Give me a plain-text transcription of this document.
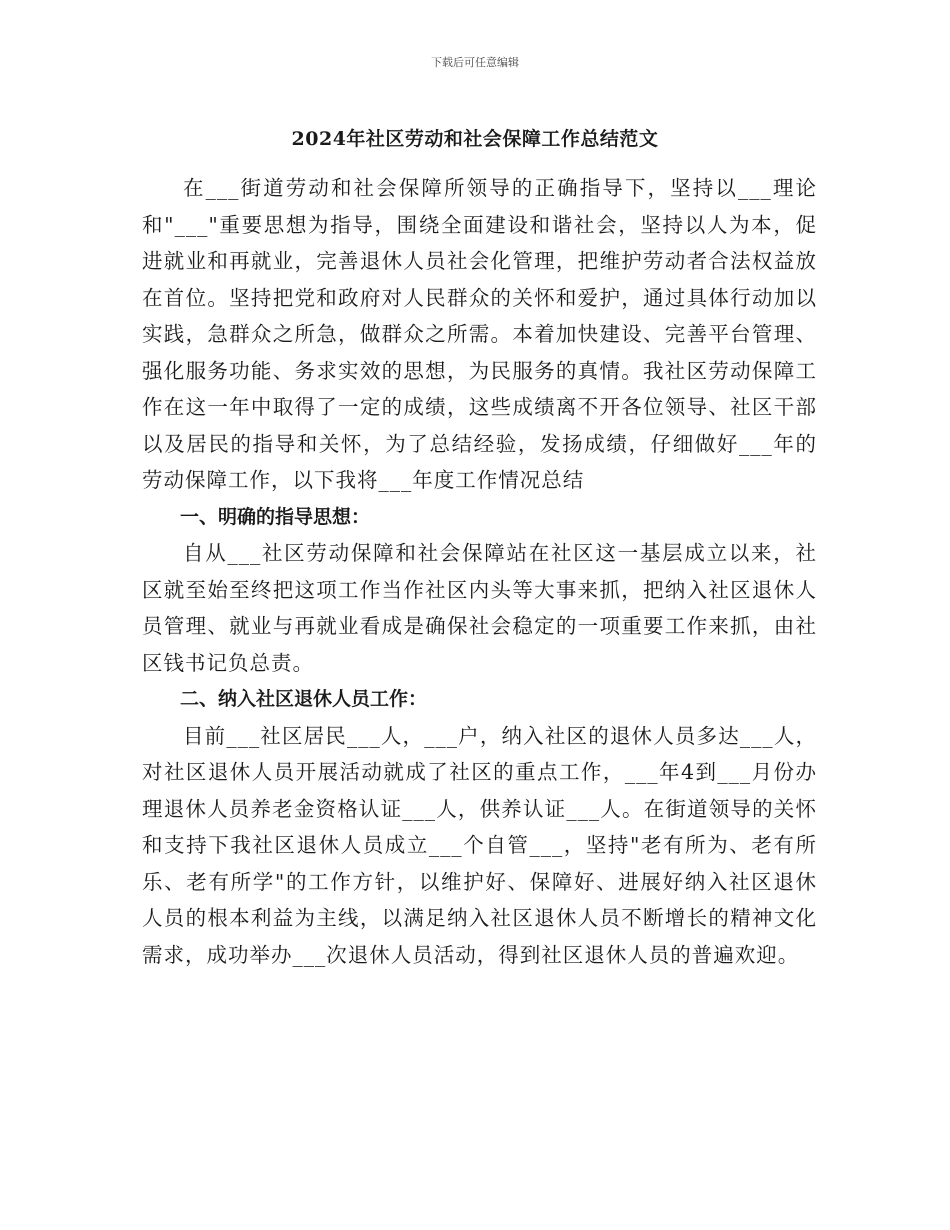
下载后可任意编辑
2024年社区劳动和社会保障工作总结范文

在___街道劳动和社会保障所领导的正确指导下，坚持以___理论和"___"重要思想为指导，围绕全面建设和谐社会，坚持以人为本，促进就业和再就业，完善退休人员社会化管理，把维护劳动者合法权益放在首位。坚持把党和政府对人民群众的关怀和爱护，通过具体行动加以实践，急群众之所急，做群众之所需。本着加快建设、完善平台管理、强化服务功能、务求实效的思想，为民服务的真情。我社区劳动保障工作在这一年中取得了一定的成绩，这些成绩离不开各位领导、社区干部以及居民的指导和关怀，为了总结经验，发扬成绩，仔细做好___年的劳动保障工作，以下我将___年度工作情况总结

一、明确的指导思想：

自从___社区劳动保障和社会保障站在社区这一基层成立以来，社区就至始至终把这项工作当作社区内头等大事来抓，把纳入社区退休人员管理、就业与再就业看成是确保社会稳定的一项重要工作来抓，由社区钱书记负总责。

二、纳入社区退休人员工作：

目前___社区居民___人，___户，纳入社区的退休人员多达___人，对社区退休人员开展活动就成了社区的重点工作，___年4到___月份办理退休人员养老金资格认证___人，供养认证___人。在街道领导的关怀和支持下我社区退休人员成立___个自管___，坚持"老有所为、老有所乐、老有所学"的工作方针，以维护好、保障好、进展好纳入社区退休人员的根本利益为主线，以满足纳入社区退休人员不断增长的精神文化需求，成功举办___次退休人员活动，得到社区退休人员的普遍欢迎。
